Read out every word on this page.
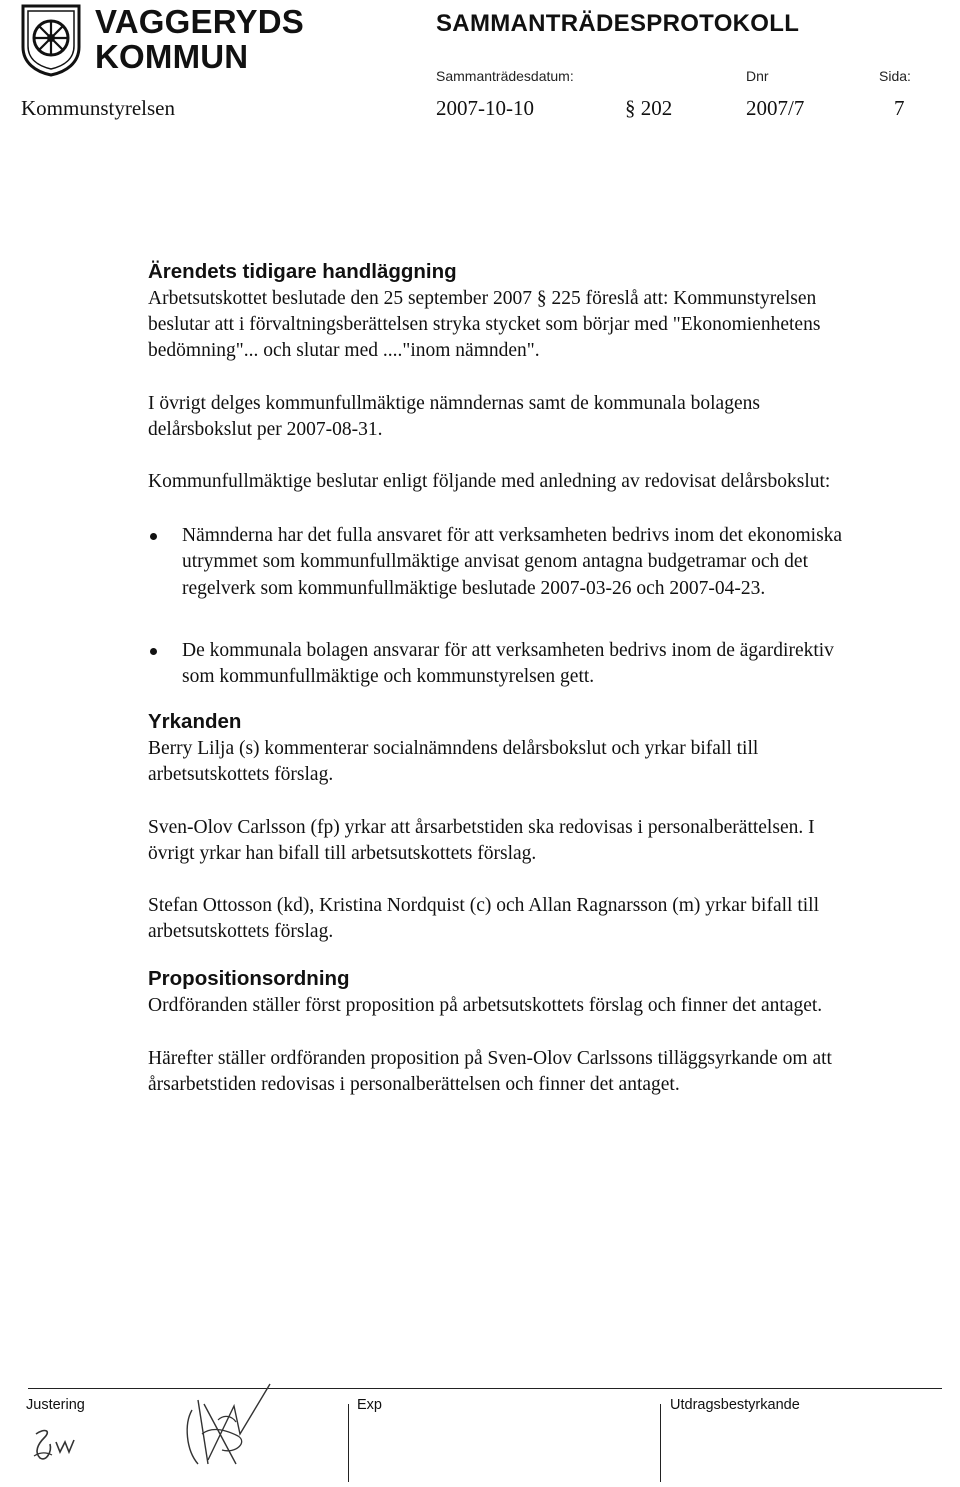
VAGGERYDS
KOMMUN
SAMMANTRÄDESPROTOKOLL
Sammanträdesdatum:	Dnr	Sida:
Kommunstyrelsen	2007-10-10	§ 202	2007/7	7
Ärendets tidigare handläggning

Arbetsutskottet beslutade den 25 september 2007 § 225 föreslå att: Kommunstyrelsen beslutar att i förvaltningsberättelsen stryka stycket som börjar med "Ekonomienhetens bedömning"... och slutar med ...."inom nämnden".

I övrigt delges kommunfullmäktige nämndernas samt de kommunala bolagens delårsbokslut per 2007-08-31.

Kommunfullmäktige beslutar enligt följande med anledning av redovisat delårsbokslut:

Nämnderna har det fulla ansvaret för att verksamheten bedrivs inom det ekonomiska utrymmet som kommunfullmäktige anvisat genom antagna budgetramar och det regelverk som kommunfullmäktige beslutade 2007-03-26 och 2007-04-23.
De kommunala bolagen ansvarar för att verksamheten bedrivs inom de ägardirektiv som kommunfullmäktige och kommunstyrelsen gett.
Yrkanden

Berry Lilja (s) kommenterar socialnämndens delårsbokslut och yrkar bifall till arbetsutskottets förslag.

Sven-Olov Carlsson (fp) yrkar att årsarbetstiden ska redovisas i personalberättelsen. I övrigt yrkar han bifall till arbetsutskottets förslag.

Stefan Ottosson (kd), Kristina Nordquist (c) och Allan Ragnarsson (m) yrkar bifall till arbetsutskottets förslag.

Propositionsordning

Ordföranden ställer först proposition på arbetsutskottets förslag och finner det antaget.

Härefter ställer ordföranden proposition på Sven-Olov Carlssons tilläggsyrkande om att årsarbetstiden redovisas i personalberättelsen och finner det antaget.

Justering	Exp	Utdragsbestyrkande
